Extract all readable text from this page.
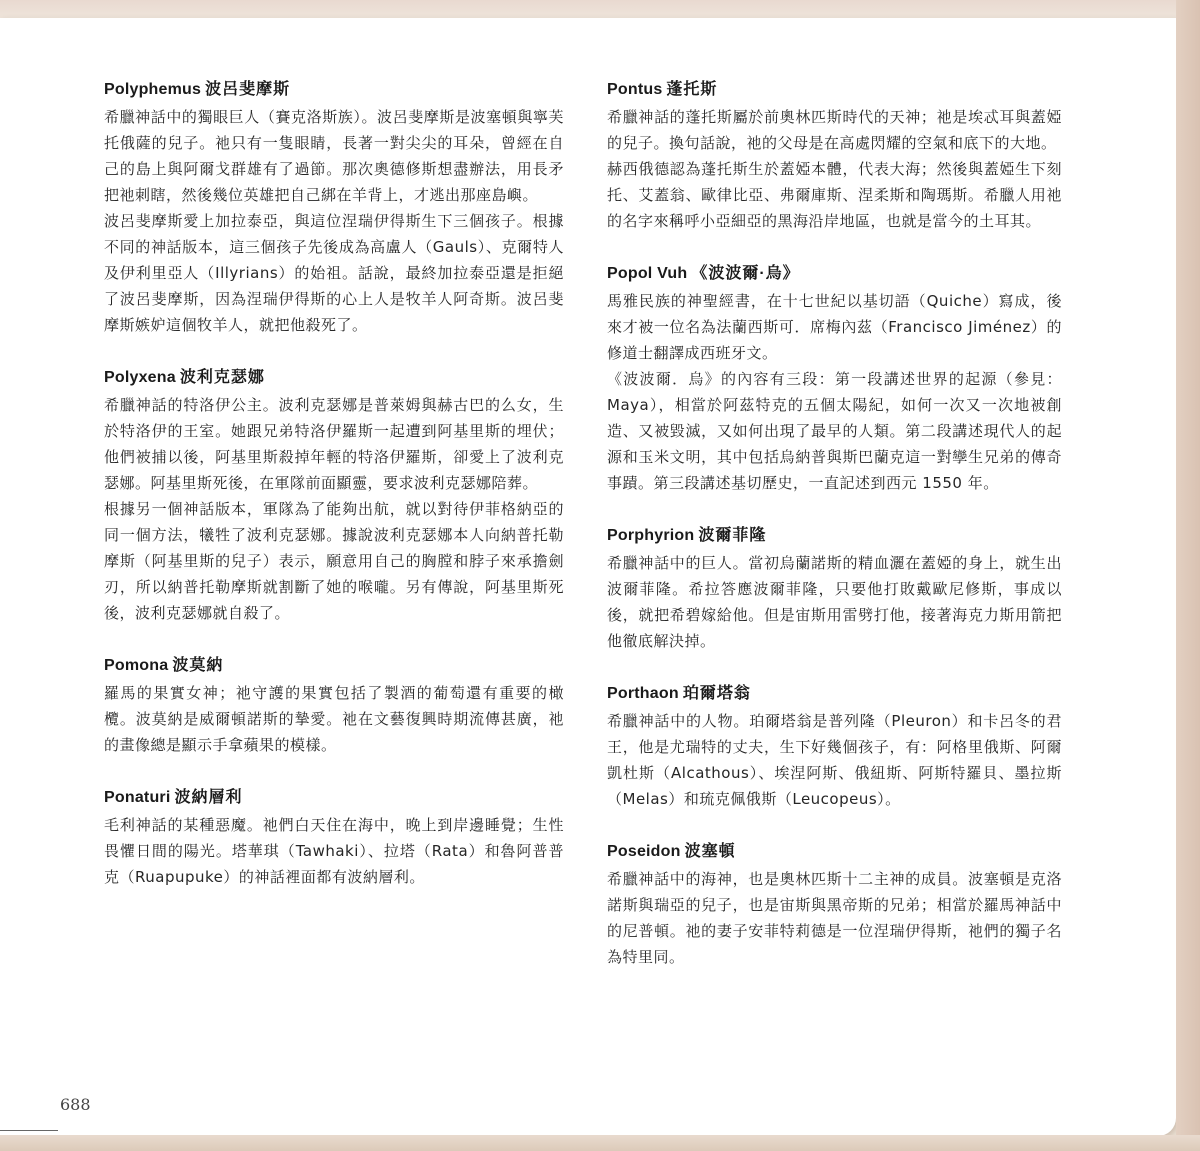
Polyphemus 波呂斐摩斯

希臘神話中的獨眼巨人（賽克洛斯族）。波呂斐摩斯是波塞頓與寧芙托俄薩的兒子。祂只有一隻眼睛，長著一對尖尖的耳朵，曾經在自己的島上與阿爾戈群雄有了過節。那次奧德修斯想盡辦法，用長矛把祂刺瞎，然後幾位英雄把自己綁在羊背上，才逃出那座島嶼。

波呂斐摩斯愛上加拉泰亞，與這位涅瑞伊得斯生下三個孩子。根據不同的神話版本，這三個孩子先後成為高盧人（Gauls）、克爾特人及伊利里亞人（Illyrians）的始祖。話說，最終加拉泰亞還是拒絕了波呂斐摩斯，因為涅瑞伊得斯的心上人是牧羊人阿奇斯。波呂斐摩斯嫉妒這個牧羊人，就把他殺死了。

Polyxena 波利克瑟娜

希臘神話的特洛伊公主。波利克瑟娜是普萊姆與赫古巴的么女，生於特洛伊的王室。她跟兄弟特洛伊羅斯一起遭到阿基里斯的埋伏；他們被捕以後，阿基里斯殺掉年輕的特洛伊羅斯，卻愛上了波利克瑟娜。阿基里斯死後，在軍隊前面顯靈，要求波利克瑟娜陪葬。

根據另一個神話版本，軍隊為了能夠出航，就以對待伊菲格納亞的同一個方法，犧牲了波利克瑟娜。據說波利克瑟娜本人向納普托勒摩斯（阿基里斯的兒子）表示，願意用自己的胸膛和脖子來承擔劍刃，所以納普托勒摩斯就割斷了她的喉嚨。另有傳說，阿基里斯死後，波利克瑟娜就自殺了。

Pomona 波莫納

羅馬的果實女神；祂守護的果實包括了製酒的葡萄還有重要的橄欖。波莫納是威爾頓諾斯的摯愛。祂在文藝復興時期流傳甚廣，祂的畫像總是顯示手拿蘋果的模樣。

Ponaturi 波納層利

毛利神話的某種惡魔。祂們白天住在海中，晚上到岸邊睡覺；生性畏懼日間的陽光。塔華琪（Tawhaki）、拉塔（Rata）和魯阿普普克（Ruapupuke）的神話裡面都有波納層利。

Pontus 蓬托斯

希臘神話的蓬托斯屬於前奧林匹斯時代的天神；祂是埃忒耳與蓋婭的兒子。換句話說，祂的父母是在高處閃耀的空氣和底下的大地。

赫西俄德認為蓬托斯生於蓋婭本體，代表大海；然後與蓋婭生下刻托、艾蓋翁、歐律比亞、弗爾庫斯、涅柔斯和陶瑪斯。希臘人用祂的名字來稱呼小亞細亞的黑海沿岸地區，也就是當今的土耳其。

Popol Vuh 《波波爾·烏》

馬雅民族的神聖經書，在十七世紀以基切語（Quiche）寫成，後來才被一位名為法蘭西斯可．席梅內茲（Francisco Jiménez）的修道士翻譯成西班牙文。

《波波爾．烏》的內容有三段：第一段講述世界的起源（參見：Maya），相當於阿茲特克的五個太陽紀，如何一次又一次地被創造、又被毀滅，又如何出現了最早的人類。第二段講述現代人的起源和玉米文明，其中包括烏納普與斯巴蘭克這一對孿生兄弟的傳奇事蹟。第三段講述基切歷史，一直記述到西元 1550 年。

Porphyrion 波爾菲隆

希臘神話中的巨人。當初烏蘭諾斯的精血灑在蓋婭的身上，就生出波爾菲隆。希拉答應波爾菲隆，只要他打敗戴歐尼修斯，事成以後，就把希碧嫁給他。但是宙斯用雷劈打他，接著海克力斯用箭把他徹底解決掉。

Porthaon 珀爾塔翁

希臘神話中的人物。珀爾塔翁是普列隆（Pleuron）和卡呂冬的君王，他是尤瑞特的丈夫，生下好幾個孩子，有：阿格里俄斯、阿爾凱杜斯（Alcathous）、埃涅阿斯、俄紐斯、阿斯特羅貝、墨拉斯（Melas）和琉克佩俄斯（Leucopeus）。

Poseidon 波塞頓

希臘神話中的海神，也是奧林匹斯十二主神的成員。波塞頓是克洛諾斯與瑞亞的兒子，也是宙斯與黑帝斯的兄弟；相當於羅馬神話中的尼普頓。祂的妻子安菲特莉德是一位涅瑞伊得斯，祂們的獨子名為特里同。

688
